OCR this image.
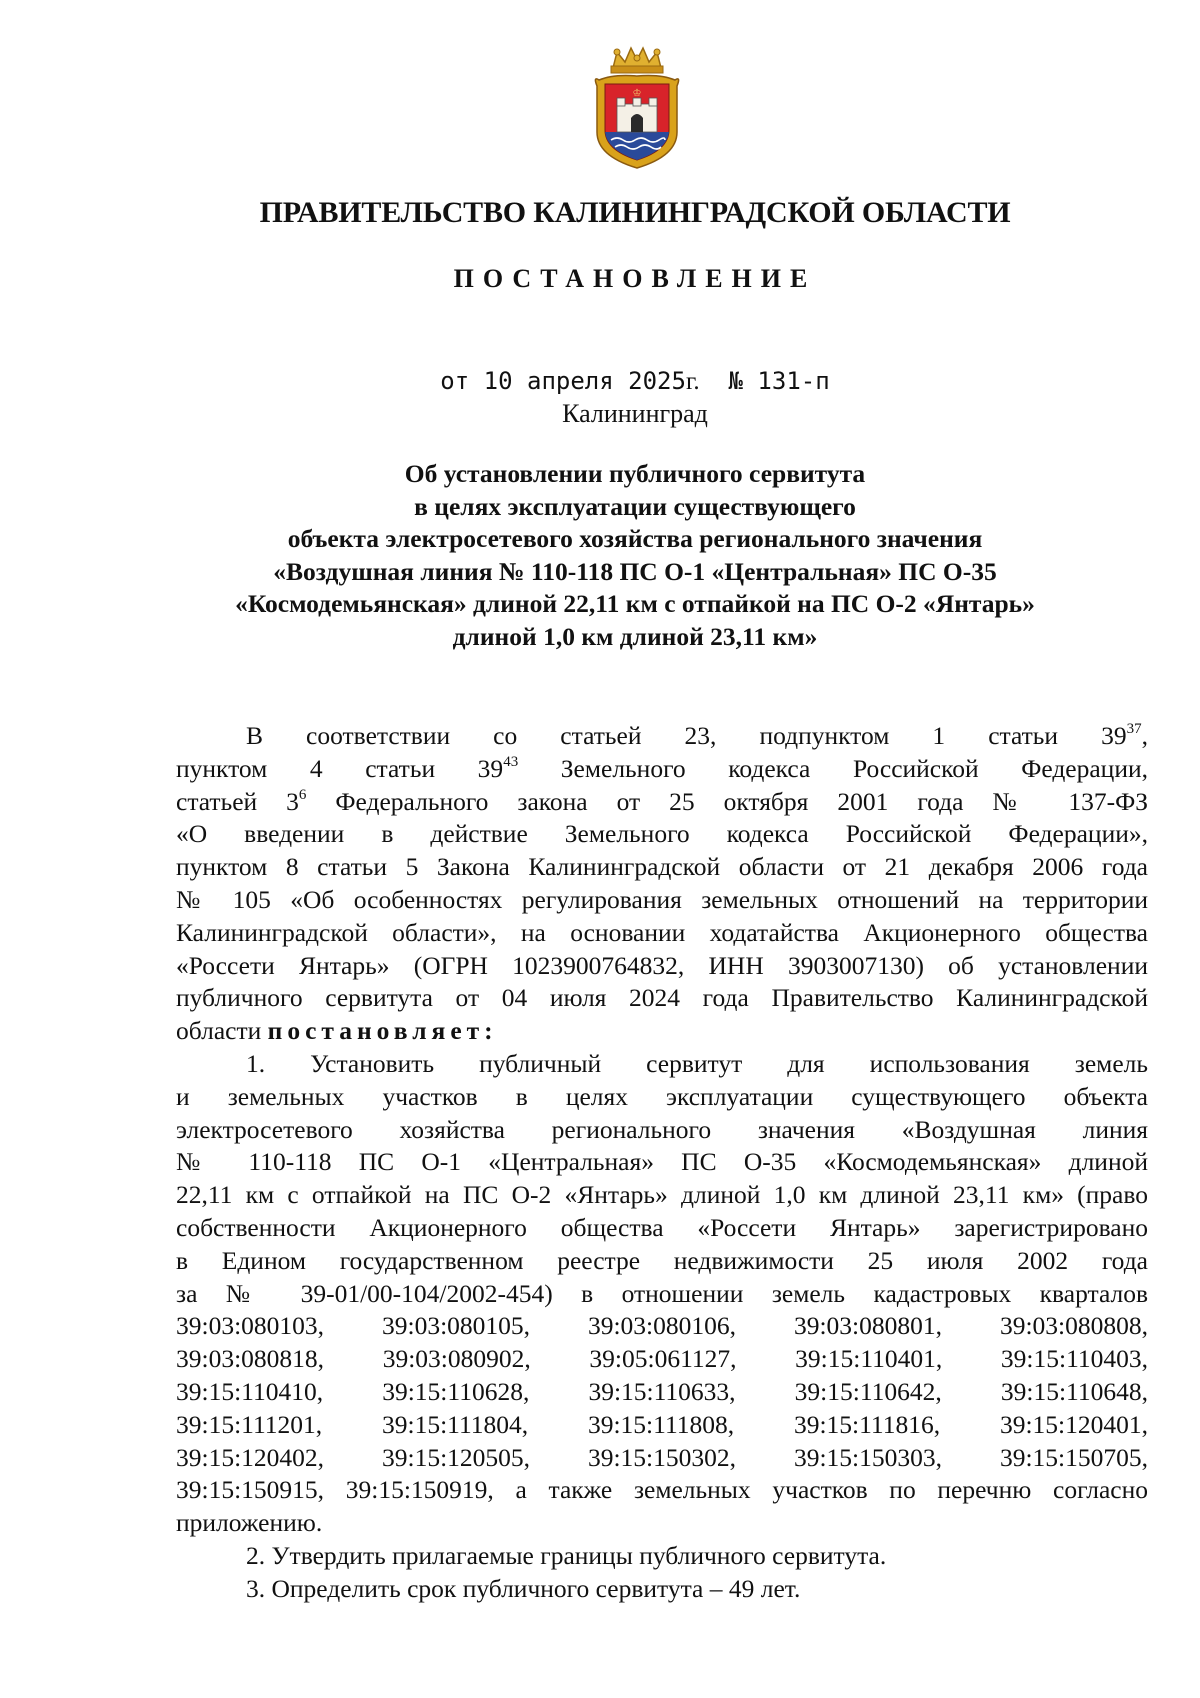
♔
ПРАВИТЕЛЬСТВО КАЛИНИНГРАДСКОЙ ОБЛАСТИ
ПОСТАНОВЛЕНИЕ
от 10 апреля 2025г. № 131-п
Калининград
Об установлении публичного сервитута
в целях эксплуатации существующего
объекта электросетевого хозяйства регионального значения
«Воздушная линия № 110-118 ПС О-1 «Центральная» ПС О-35
«Космодемьянская» длиной 22,11 км с отпайкой на ПС О-2 «Янтарь»
длиной 1,0 км длиной 23,11 км»
В соответствии со статьей 23, подпунктом 1 статьи $39^{37}$,
пунктом 4 статьи $39^{43}$ Земельного кодекса Российской Федерации,
статьей $3^6$ Федерального закона от 25 октября 2001 года № 137-ФЗ
«О введении в действие Земельного кодекса Российской Федерации»,
пунктом 8 статьи 5 Закона Калининградской области от 21 декабря 2006 года
№ 105 «Об особенностях регулирования земельных отношений на территории
Калининградской области», на основании ходатайства Акционерного общества
«Россети Янтарь» (ОГРН 1023900764832, ИНН 3903007130) об установлении
публичного сервитута от 04 июля 2024 года Правительство Калининградской
области постановляет:
1. Установить публичный сервитут для использования земель
и земельных участков в целях эксплуатации существующего объекта
электросетевого хозяйства регионального значения «Воздушная линия
№ 110-118 ПС О-1 «Центральная» ПС О-35 «Космодемьянская» длиной
22,11 км с отпайкой на ПС О-2 «Янтарь» длиной 1,0 км длиной 23,11 км» (право
собственности Акционерного общества «Россети Янтарь» зарегистрировано
в Едином государственном реестре недвижимости 25 июля 2002 года
за № 39-01/00-104/2002-454) в отношении земель кадастровых кварталов
39:03:080103, 39:03:080105, 39:03:080106, 39:03:080801, 39:03:080808,
39:03:080818, 39:03:080902, 39:05:061127, 39:15:110401, 39:15:110403,
39:15:110410, 39:15:110628, 39:15:110633, 39:15:110642, 39:15:110648,
39:15:111201, 39:15:111804, 39:15:111808, 39:15:111816, 39:15:120401,
39:15:120402, 39:15:120505, 39:15:150302, 39:15:150303, 39:15:150705,
39:15:150915, 39:15:150919, а также земельных участков по перечню согласно
приложению.
2. Утвердить прилагаемые границы публичного сервитута.
3. Определить срок публичного сервитута – 49 лет.
